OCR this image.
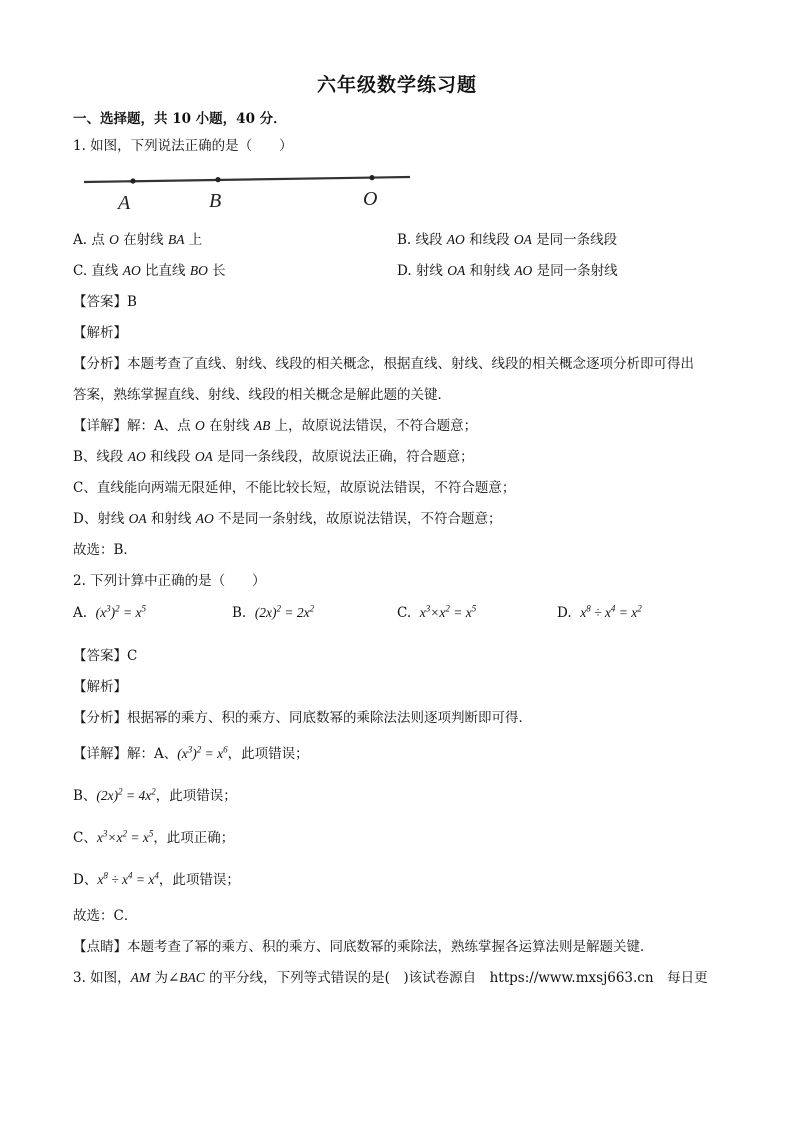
六年级数学练习题
一、选择题，共 10 小题，40 分．
1. 如图，下列说法正确的是（　　）
A	B	O
A. 点 O 在射线 BA 上	B. 线段 AO 和线段 OA 是同一条线段
C. 直线 AO 比直线 BO 长	D. 射线 OA 和射线 AO 是同一条射线
【答案】B
【解析】
【分析】本题考查了直线、射线、线段的相关概念，根据直线、射线、线段的相关概念逐项分析即可得出
答案，熟练掌握直线、射线、线段的相关概念是解此题的关键．
【详解】解：A、点 O 在射线 AB 上，故原说法错误，不符合题意；
B、线段 AO 和线段 OA 是同一条线段，故原说法正确，符合题意；
C、直线能向两端无限延伸，不能比较长短，故原说法错误，不符合题意；
D、射线 OA 和射线 AO 不是同一条射线，故原说法错误，不符合题意；
故选：B．
2. 下列计算中正确的是（　　）
A. $(x^3)^2 = x^5$	B. $(2x)^2 = 2x^2$	C. $x^3\times x^2 = x^5$	D. $x^8 \div x^4 = x^2$
【答案】C
【解析】
【分析】根据幂的乘方、积的乘方、同底数幂的乘除法法则逐项判断即可得．
【详解】解：A、$(x^3)^2 = x^6$，此项错误；
B、$(2x)^2 = 4x^2$，此项错误；
C、$x^3\times x^2 = x^5$，此项正确；
D、$x^8 \div x^4 = x^4$，此项错误；
故选：C．
【点睛】本题考查了幂的乘方、积的乘方、同底数幂的乘除法，熟练掌握各运算法则是解题关键．
3. 如图，AM 为∠BAC 的平分线，下列等式错误的是(　)该试卷源自　https://www.mxsj663.cn　每日更
